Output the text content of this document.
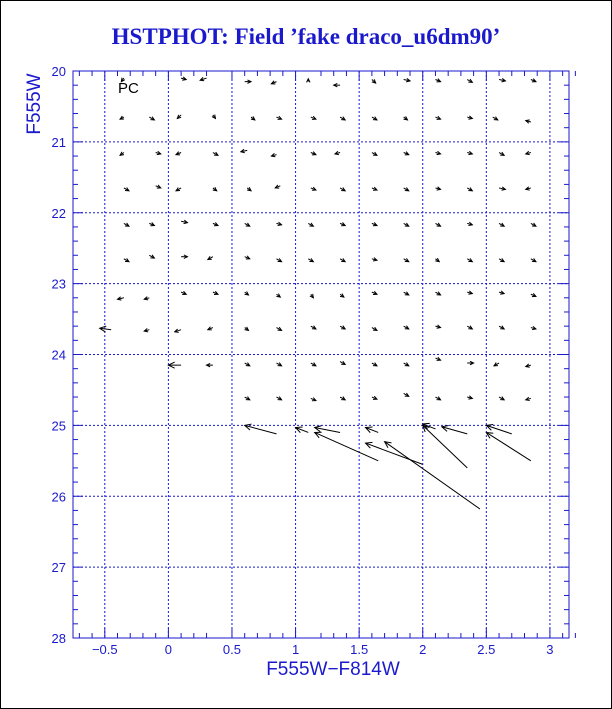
HSTPHOT: Field ’fake draco_u6dm90’
−0.5	0	0.5	1	1.5	2	2.5	3
20
21
22
23
24
25
26
27
28
PC
F555W−F814W
F555W
